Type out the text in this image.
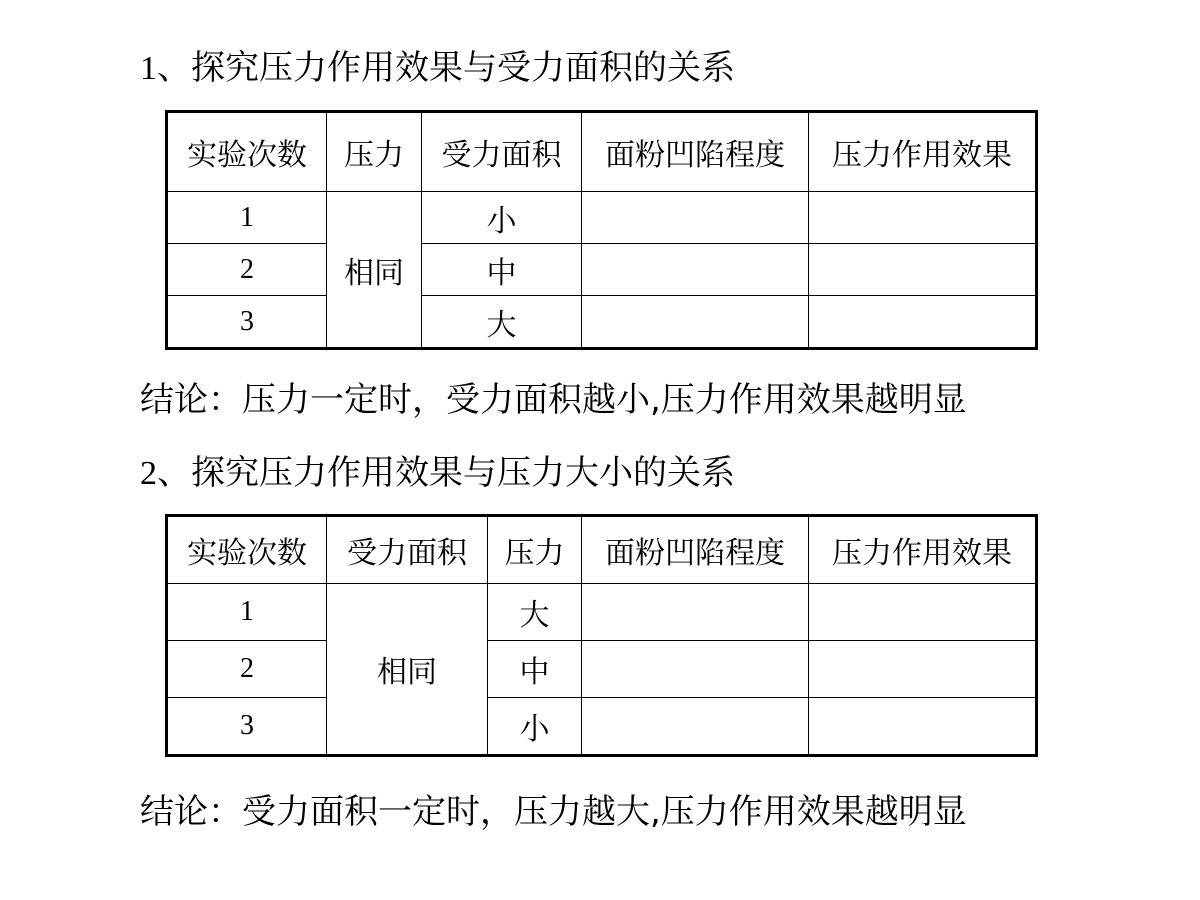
1、探究压力作用效果与受力面积的关系
实验次数	压力	受力面积	面粉凹陷程度	压力作用效果
1	相同	小		
2		中		
3		大		
结论：压力一定时，受力面积越小,压力作用效果越明显
2、探究压力作用效果与压力大小的关系
实验次数	受力面积	压力	面粉凹陷程度	压力作用效果
1	相同	大		
2		中		
3		小		
结论：受力面积一定时，压力越大,压力作用效果越明显
